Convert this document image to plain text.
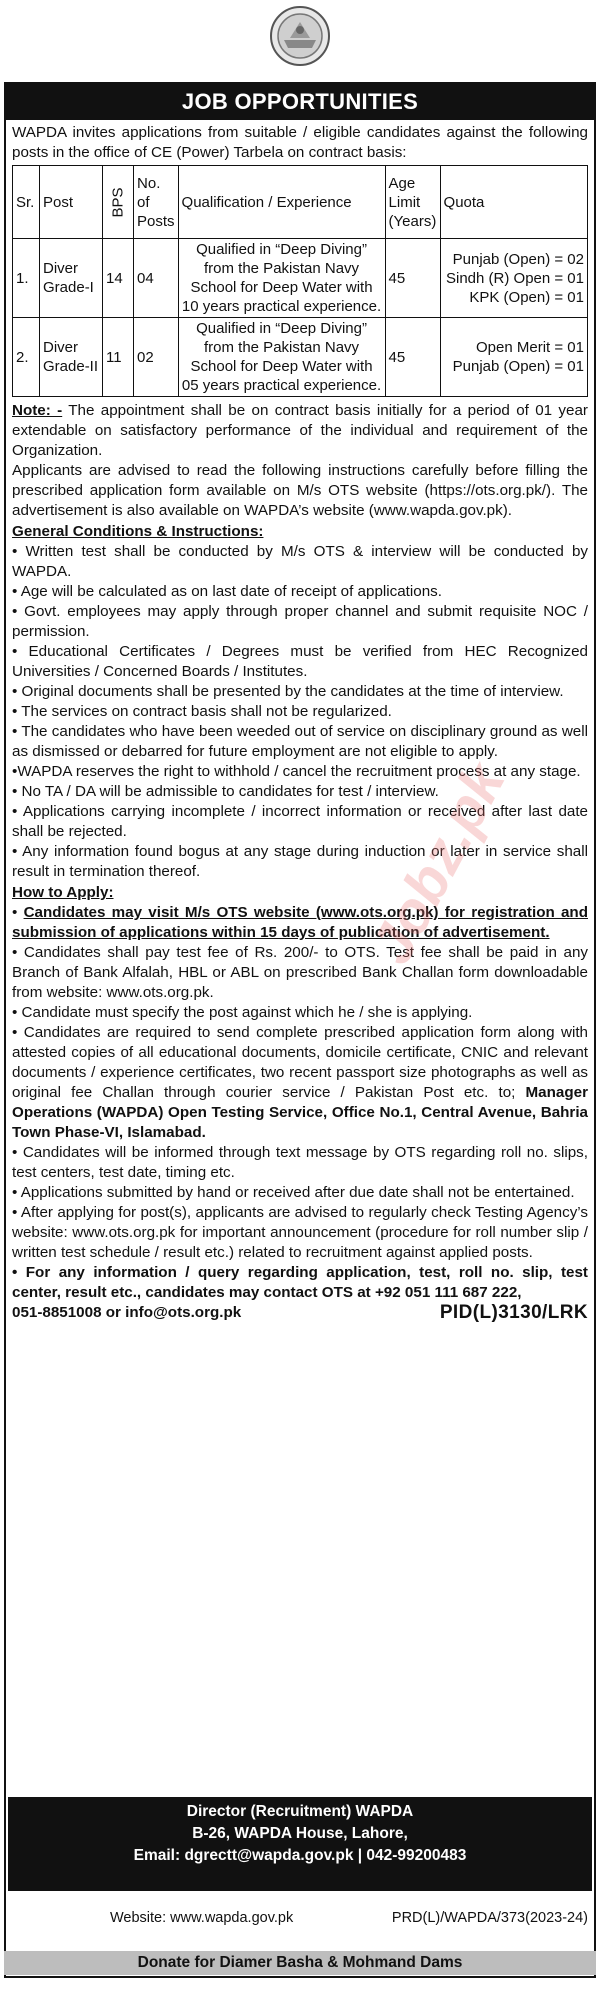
JOB OPPORTUNITIES

WAPDA invites applications from suitable / eligible candidates against the following posts in the office of CE (Power) Tarbela on contract basis:

Sr.	Post	BPS	No. of Posts	Qualification / Experience	Age Limit (Years)	Quota
1.	Diver Grade-I	14	04	Qualified in “Deep Diving” from the Pakistan Navy School for Deep Water with 10 years practical experience.	45	Punjab (Open) = 02
Sindh (R) Open = 01
KPK (Open) = 01

2.	Diver Grade-II	11	02	Qualified in “Deep Diving” from the Pakistan Navy School for Deep Water with 05 years practical experience.	45	Open Merit = 01
Punjab (Open) = 01

Note: - The appointment shall be on contract basis initially for a period of 01 year extendable on satisfactory performance of the individual and requirement of the Organization.

Applicants are advised to read the following instructions carefully before filling the prescribed application form available on M/s OTS website (https://ots.org.pk/). The advertisement is also available on WAPDA’s website (www.wapda.gov.pk).

General Conditions & Instructions:

• Written test shall be conducted by M/s OTS & interview will be conducted by WAPDA.

• Age will be calculated as on last date of receipt of applications.

• Govt. employees may apply through proper channel and submit requisite NOC / permission.

• Educational Certificates / Degrees must be verified from HEC Recognized Universities / Concerned Boards / Institutes.

• Original documents shall be presented by the candidates at the time of interview.

• The services on contract basis shall not be regularized.

• The candidates who have been weeded out of service on disciplinary ground as well as dismissed or debarred for future employment are not eligible to apply.

•WAPDA reserves the right to withhold / cancel the recruitment process at any stage.

• No TA / DA will be admissible to candidates for test / interview.

• Applications carrying incomplete / incorrect information or received after last date shall be rejected.

• Any information found bogus at any stage during induction or later in service shall result in termination thereof.

How to Apply:

• Candidates may visit M/s OTS website (www.ots.org.pk) for registration and submission of applications within 15 days of publication of advertisement.

• Candidates shall pay test fee of Rs. 200/- to OTS. Test fee shall be paid in any Branch of Bank Alfalah, HBL or ABL on prescribed Bank Challan form downloadable from website: www.ots.org.pk.

• Candidate must specify the post against which he / she is applying.

• Candidates are required to send complete prescribed application form along with attested copies of all educational documents, domicile certificate, CNIC and relevant documents / experience certificates, two recent passport size photographs as well as original fee Challan through courier service / Pakistan Post etc. to; Manager Operations (WAPDA) Open Testing Service, Office No.1, Central Avenue, Bahria Town Phase-VI, Islamabad.

• Candidates will be informed through text message by OTS regarding roll no. slips, test centers, test date, timing etc.

• Applications submitted by hand or received after due date shall not be entertained.

• After applying for post(s), applicants are advised to regularly check Testing Agency’s website: www.ots.org.pk for important announcement (procedure for roll number slip / written test schedule / result etc.) related to recruitment against applied posts.

• For any information / query regarding application, test, roll no. slip, test center, result etc., candidates may contact OTS at +92 051 111 687 222,

051-8851008 or info@ots.org.pk	PID(L)3130/LRK
Director (Recruitment) WAPDA
B-26, WAPDA House, Lahore,
Email: dgrectt@wapda.gov.pk | 042-99200483
Website: www.wapda.gov.pk	PRD(L)/WAPDA/373(2023-24)
Donate for Diamer Basha & Mohmand Dams
Jobz.pk
